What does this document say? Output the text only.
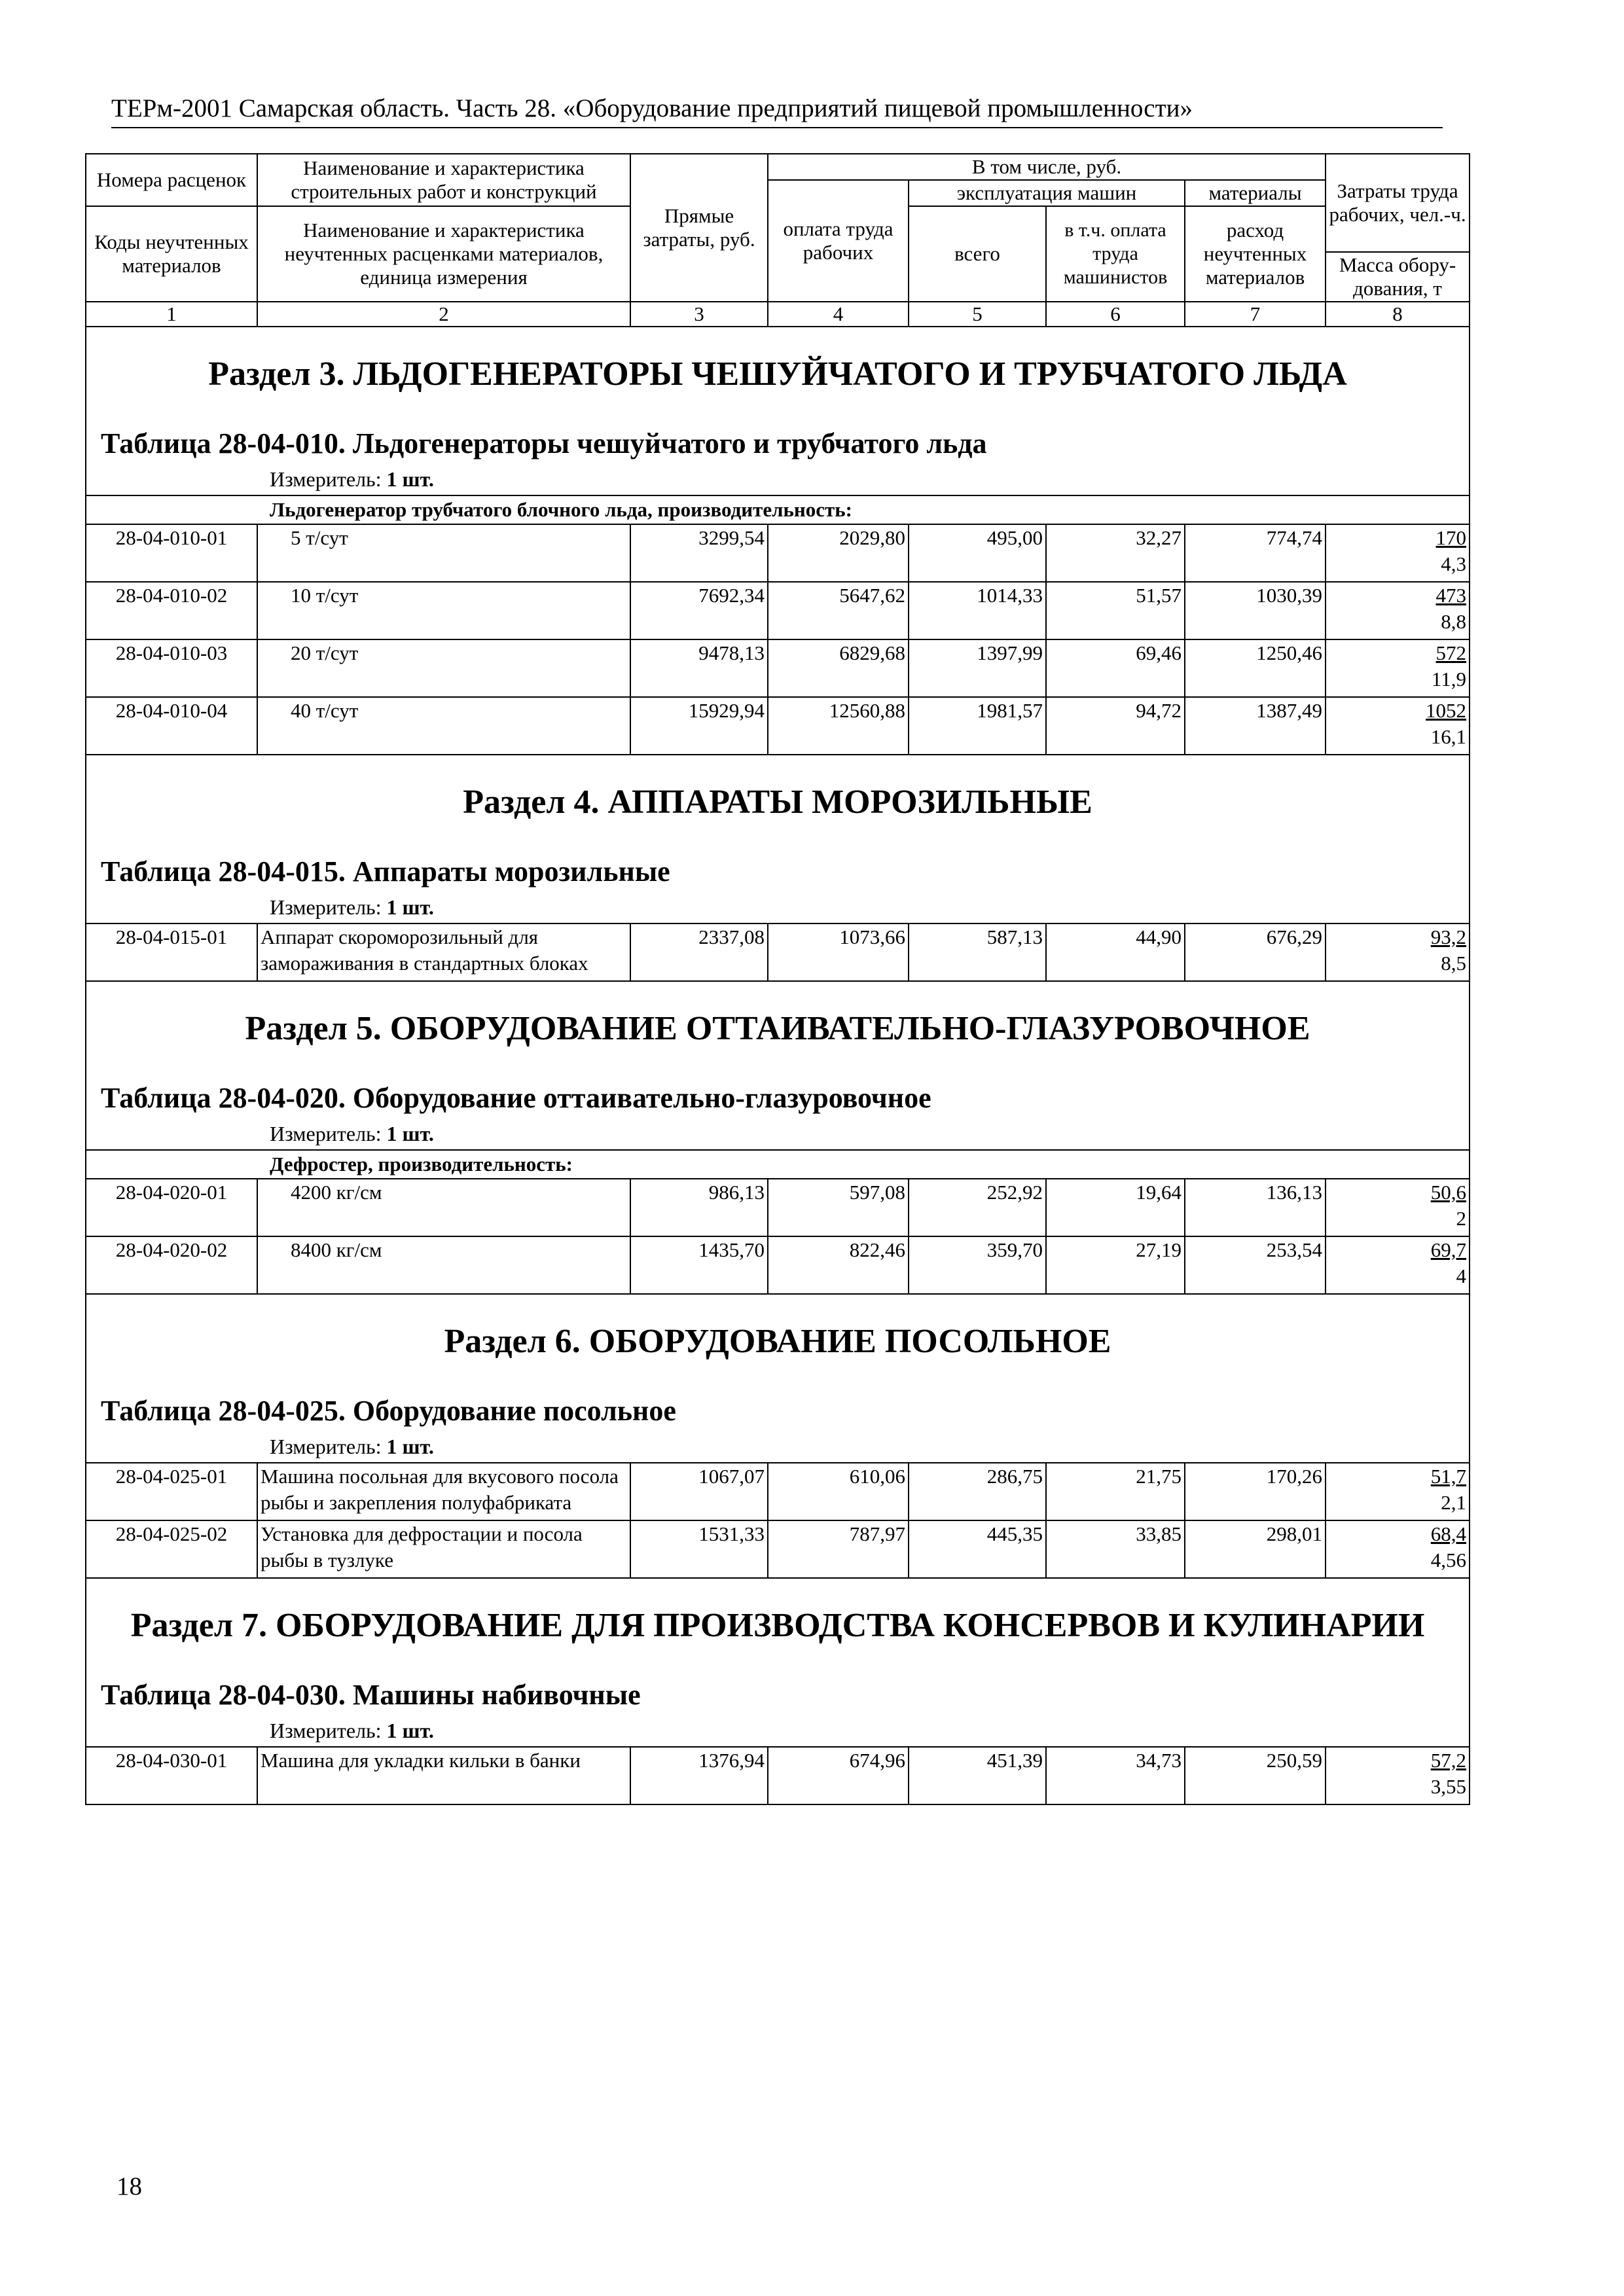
ТЕРм-2001 Самарская область. Часть 28. «Оборудование предприятий пищевой промышленности»
Номера расценок	Наименование и характеристика строительных работ и конструкций	Прямые затраты, руб.	В том числе, руб.				Затраты труда рабочих, чел.-ч.
			оплата труда рабочих	эксплуатация машин		материалы	
Коды неучтенных материалов	Наименование и характеристика неучтенных расценками материалов, единица измерения			всего	в т.ч. оплата труда машинистов	расход неучтенных материалов	
							Масса обору-дования, т
1	2	3	4	5	6	7	8

Раздел 3. ЛЬДОГЕНЕРАТОРЫ ЧЕШУЙЧАТОГО И ТРУБЧАТОГО ЛЬДА
Таблица 28-04-010. Льдогенераторы чешуйчатого и трубчатого льда
Измеритель: 1 шт.							

Льдогенератор трубчатого блочного льда, производительность:							
28-04-010-01	5 т/сут	3299,54	2029,80	495,00	32,27	774,74	170
4,3

28-04-010-02	10 т/сут	7692,34	5647,62	1014,33	51,57	1030,39	473
8,8

28-04-010-03	20 т/сут	9478,13	6829,68	1397,99	69,46	1250,46	572
11,9

28-04-010-04	40 т/сут	15929,94	12560,88	1981,57	94,72	1387,49	1052
16,1

Раздел 4. АППАРАТЫ МОРОЗИЛЬНЫЕ
Таблица 28-04-015. Аппараты морозильные
Измеритель: 1 шт.							

28-04-015-01	Аппарат скороморозильный для замораживания в стандартных блоках	2337,08	1073,66	587,13	44,90	676,29	93,2
8,5

Раздел 5. ОБОРУДОВАНИЕ ОТТАИВАТЕЛЬНО-ГЛАЗУРОВОЧНОЕ
Таблица 28-04-020. Оборудование оттаивательно-глазуровочное
Измеритель: 1 шт.							

Дефростер, производительность:							
28-04-020-01	4200 кг/см	986,13	597,08	252,92	19,64	136,13	50,6
2

28-04-020-02	8400 кг/см	1435,70	822,46	359,70	27,19	253,54	69,7
4

Раздел 6. ОБОРУДОВАНИЕ ПОСОЛЬНОЕ
Таблица 28-04-025. Оборудование посольное
Измеритель: 1 шт.							

28-04-025-01	Машина посольная для вкусового посола рыбы и закрепления полуфабриката	1067,07	610,06	286,75	21,75	170,26	51,7
2,1

28-04-025-02	Установка для дефростации и посола рыбы в тузлуке	1531,33	787,97	445,35	33,85	298,01	68,4
4,56

Раздел 7. ОБОРУДОВАНИЕ ДЛЯ ПРОИЗВОДСТВА КОНСЕРВОВ И КУЛИНАРИИ
Таблица 28-04-030. Машины набивочные
Измеритель: 1 шт.							

28-04-030-01	Машина для укладки кильки в банки	1376,94	674,96	451,39	34,73	250,59	57,2
3,55
18
